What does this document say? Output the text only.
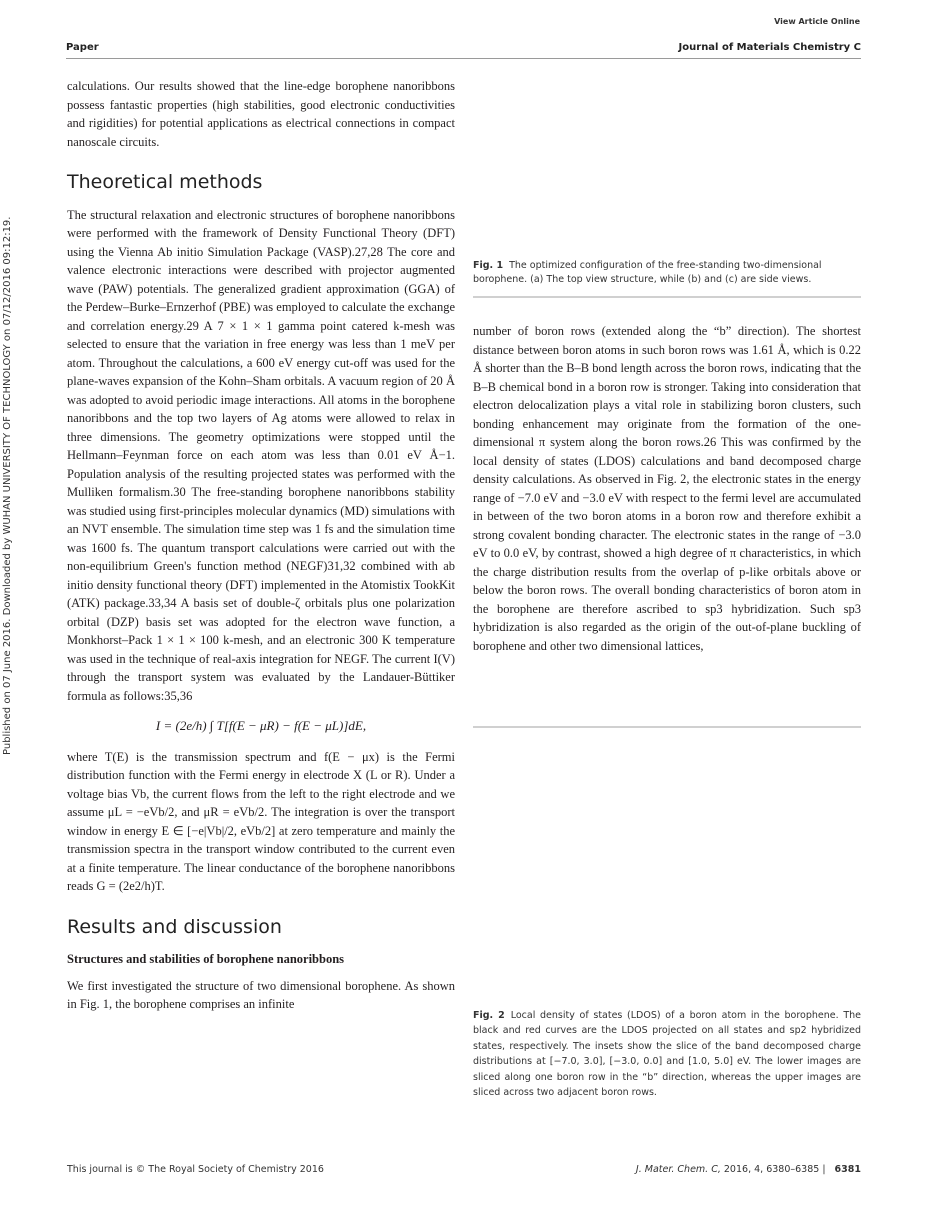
View Article Online
Paper	Journal of Materials Chemistry C
Published on 07 June 2016. Downloaded by WUHAN UNIVERSITY OF TECHNOLOGY on 07/12/2016 09:12:19.

calculations. Our results showed that the line-edge borophene nanoribbons possess fantastic properties (high stabilities, good electronic conductivities and rigidities) for potential applications as electrical connections in compact nanoscale circuits.

Theoretical methods

The structural relaxation and electronic structures of borophene nanoribbons were performed with the framework of Density Functional Theory (DFT) using the Vienna Ab initio Simulation Package (VASP).27,28 The core and valence electronic interactions were described with projector augmented wave (PAW) potentials. The generalized gradient approximation (GGA) of the Perdew–Burke–Ernzerhof (PBE) was employed to calculate the exchange and correlation energy.29 A 7 × 1 × 1 gamma point catered k-mesh was selected to ensure that the variation in free energy was less than 1 meV per atom. Throughout the calculations, a 600 eV energy cut-off was used for the plane-waves expansion of the Kohn–Sham orbitals. A vacuum region of 20 Å was adopted to avoid periodic image interactions. All atoms in the borophene nanoribbons and the top two layers of Ag atoms were allowed to relax in three dimensions. The geometry optimizations were stopped until the Hellmann–Feynman force on each atom was less than 0.01 eV Å−1. Population analysis of the resulting projected states was performed with the Mulliken formalism.30 The free-standing borophene nanoribbons stability was studied using first-principles molecular dynamics (MD) simulations with an NVT ensemble. The simulation time step was 1 fs and the simulation time was 1600 fs. The quantum transport calculations were carried out with the non-equilibrium Green's function method (NEGF)31,32 combined with ab initio density functional theory (DFT) implemented in the Atomistix TookKit (ATK) package.33,34 A basis set of double-ζ orbitals plus one polarization orbital (DZP) basis set was adopted for the electron wave function, a Monkhorst–Pack 1 × 1 × 100 k-mesh, and an electronic 300 K temperature was used in the technique of real-axis integration for NEGF. The current I(V) through the transport system was evaluated by the Landauer-Büttiker formula as follows:35,36

I = (2e/h) ∫ T[f(E − μR) − f(E − μL)]dE,

where T(E) is the transmission spectrum and f(E − μx) is the Fermi distribution function with the Fermi energy in electrode X (L or R). Under a voltage bias Vb, the current flows from the left to the right electrode and we assume μL = −eVb/2, and μR = eVb/2. The integration is over the transport window in energy E ∈ [−e|Vb|/2, eVb/2] at zero temperature and mainly the transmission spectra in the transport window contributed to the current even at a finite temperature. The linear conductance of the borophene nanoribbons reads G = (2e2/h)T.

Results and discussion
Structures and stabilities of borophene nanoribbons

We first investigated the structure of two dimensional borophene. As shown in Fig. 1, the borophene comprises an infinite

Fig. 1 The optimized configuration of the free-standing two-dimensional borophene. (a) The top view structure, while (b) and (c) are side views.

number of boron rows (extended along the “b” direction). The shortest distance between boron atoms in such boron rows was 1.61 Å, which is 0.22 Å shorter than the B–B bond length across the boron rows, indicating that the B–B chemical bond in a boron row is stronger. Taking into consideration that electron delocalization plays a vital role in stabilizing boron clusters, such bonding enhancement may originate from the formation of the one-dimensional π system along the boron rows.26 This was confirmed by the local density of states (LDOS) calculations and band decomposed charge density calculations. As observed in Fig. 2, the electronic states in the energy range of −7.0 eV and −3.0 eV with respect to the fermi level are accumulated in between of the two boron atoms in a boron row and therefore exhibit a strong covalent bonding character. The electronic states in the range of −3.0 eV to 0.0 eV, by contrast, showed a high degree of π characteristics, in which the charge distribution results from the overlap of p-like orbitals above or below the boron rows. The overall bonding characteristics of boron atom in the borophene are therefore ascribed to sp3 hybridization. Such sp3 hybridization is also regarded as the origin of the out-of-plane buckling of borophene and other two dimensional lattices,

Fig. 2 Local density of states (LDOS) of a boron atom in the borophene. The black and red curves are the LDOS projected on all states and sp2 hybridized states, respectively. The insets show the slice of the band decomposed charge distributions at [−7.0, 3.0], [−3.0, 0.0] and [1.0, 5.0] eV. The lower images are sliced along one boron row in the “b” direction, whereas the upper images are sliced across two adjacent boron rows.
This journal is © The Royal Society of Chemistry 2016	J. Mater. Chem. C, 2016, 4, 6380–6385 | 6381
